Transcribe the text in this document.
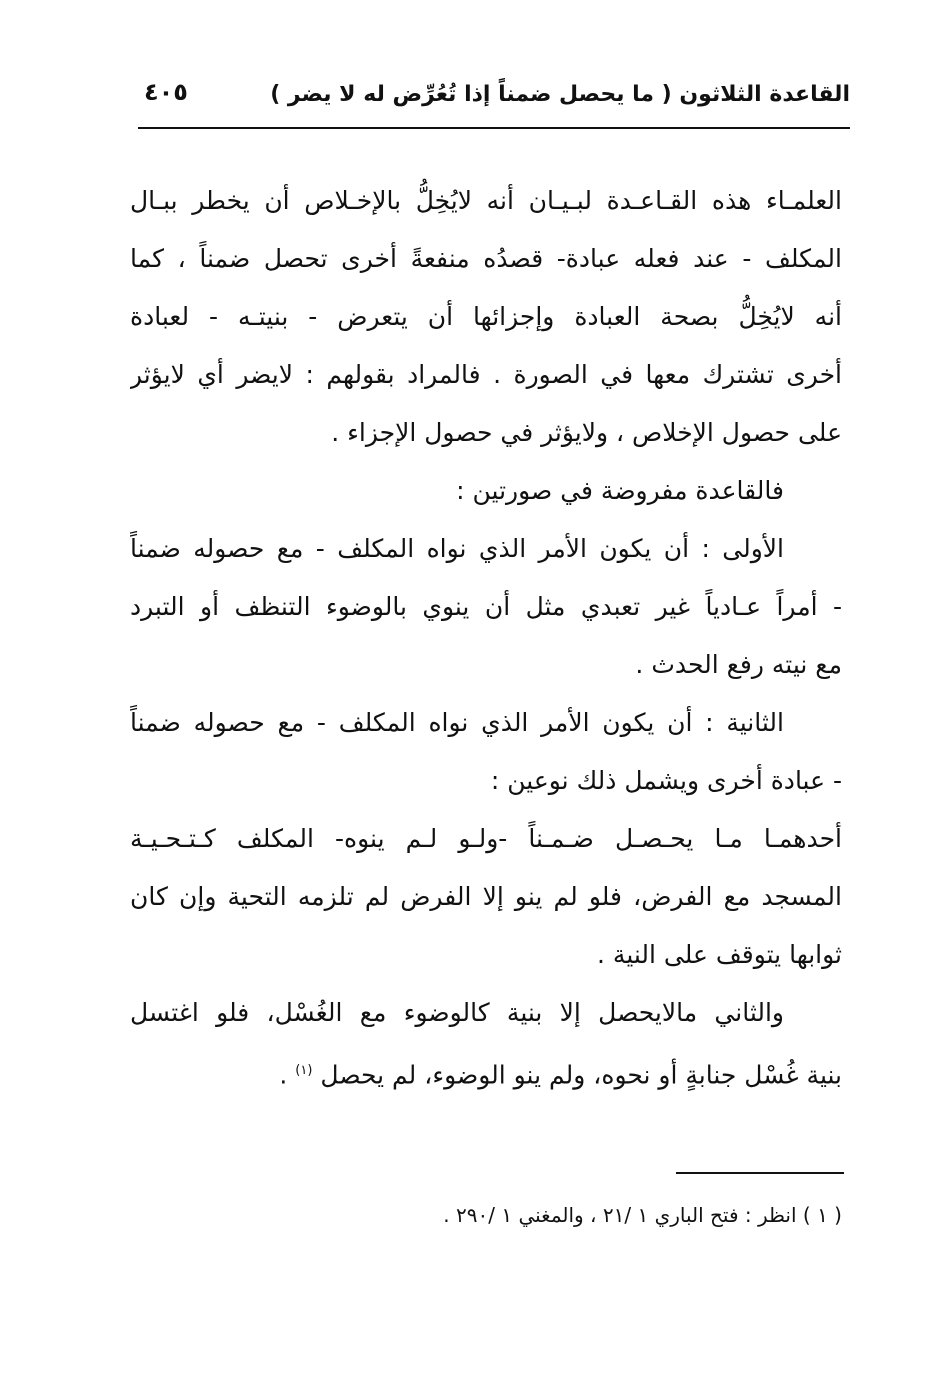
القاعدة الثلاثون ( ما يحصل ضمناً إذا تُعُرِّض له لا يضر )
٤٠٥
العلمـاء هذه القـاعـدة لبـيـان أنه لايُخِلُّ بالإخـلاص أن يخطر ببـال
المكلف - عند فعله عبادة- قصدُه منفعةً أخرى تحصل ضمناً ، كما
أنه لايُخِلُّ بصحة العبادة وإجزائها أن يتعرض - بنيتـه - لعبادة
أخرى تشترك معها في الصورة . فالمراد بقولهم : لايضر أي لايؤثر
على حصول الإخلاص ، ولايؤثر في حصول الإجزاء .
فالقاعدة مفروضة في صورتين :
الأولى : أن يكون الأمر الذي نواه المكلف - مع حصوله ضمناً
- أمراً عـادياً غير تعبدي مثل أن ينوي بالوضوء التنظف أو التبرد
مع نيته رفع الحدث .
الثانية : أن يكون الأمر الذي نواه المكلف - مع حصوله ضمناً
- عبادة أخرى ويشمل ذلك نوعين :
أحدهمـا مـا يحـصـل ضـمـناً -ولـو لـم ينوه- المكلف كـتـحـيـة
المسجد مع الفرض، فلو لم ينو إلا الفرض لم تلزمه التحية وإن كان
ثوابها يتوقف على النية .
والثاني مالايحصل إلا بنية كالوضوء مع الغُسْل، فلو اغتسل
بنية غُسْل جنابةٍ أو نحوه، ولم ينو الوضوء، لم يحصل $^{(١)}$ .
( ١ ) انظر : فتح الباري ١ /٢١ ، والمغني ١ /٢٩٠ .
